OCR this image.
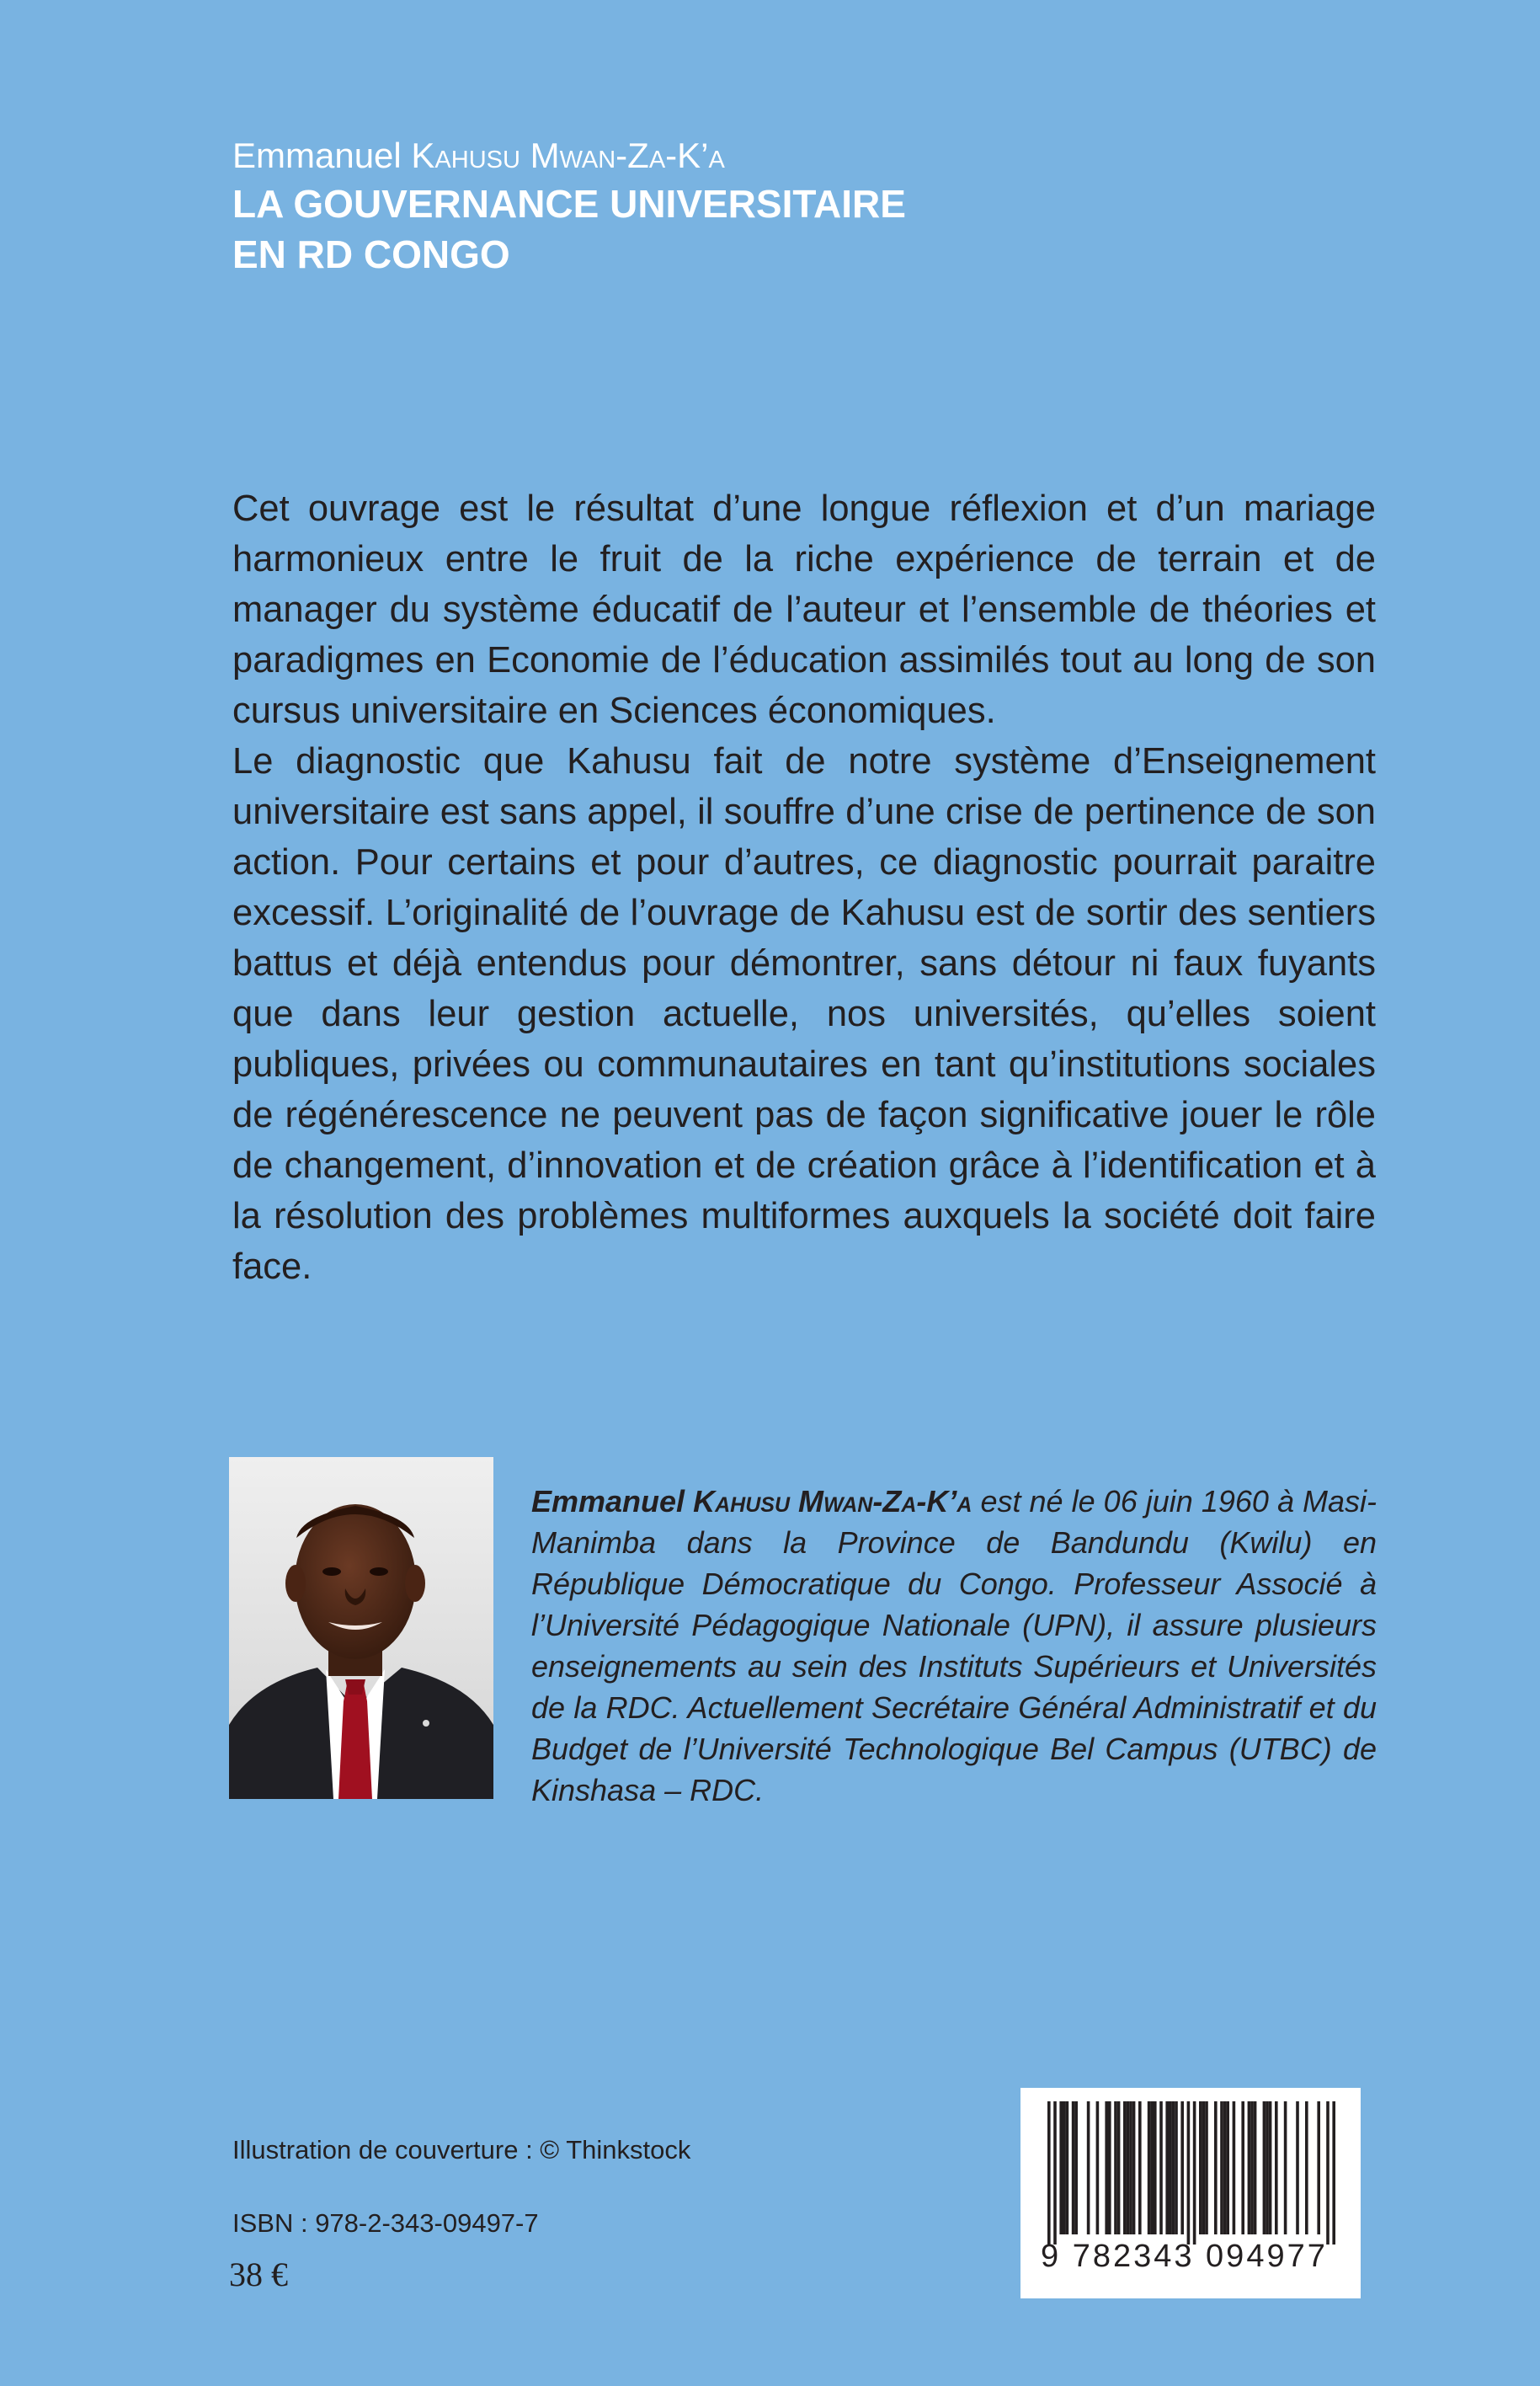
Emmanuel Kahusu Mwan-Za-K’a
LA GOUVERNANCE UNIVERSITAIRE
EN RD CONGO

Cet ouvrage est le résultat d’une longue réflexion et d’un mariage harmonieux entre le fruit de la riche expérience de terrain et de manager du système éducatif de l’auteur et l’ensemble de théories et paradigmes en Economie de l’éducation assimilés tout au long de son cursus universitaire en Sciences économiques.

Le diagnostic que Kahusu fait de notre système d’Enseignement universitaire est sans appel, il souffre d’une crise de pertinence de son action. Pour certains et pour d’autres, ce diagnostic pourrait paraitre excessif. L’originalité de l’ouvrage de Kahusu est de sortir des sentiers battus et déjà entendus pour démontrer, sans détour ni faux fuyants que dans leur gestion actuelle, nos universités, qu’elles soient publiques, privées ou communautaires en tant qu’institutions sociales de régénérescence ne peuvent pas de façon significative jouer le rôle de changement, d’innovation et de création grâce à l’identification et à la résolution des problèmes multiformes auxquels la société doit faire face.

Emmanuel Kahusu Mwan-Za-K’a est né le 06 juin 1960 à Masi-Manimba dans la Province de Bandundu (Kwilu) en République Démocratique du Congo. Professeur Associé à l’Université Pédagogique Nationale (UPN), il assure plusieurs enseignements au sein des Instituts Supérieurs et Universités de la RDC. Actuellement Secrétaire Général Administratif et du Budget de l’Université Technologique Bel Campus (UTBC) de Kinshasa – RDC.
Illustration de couverture : © Thinkstock
ISBN : 978-2-343-09497-7
38 €	9 782343 094977
